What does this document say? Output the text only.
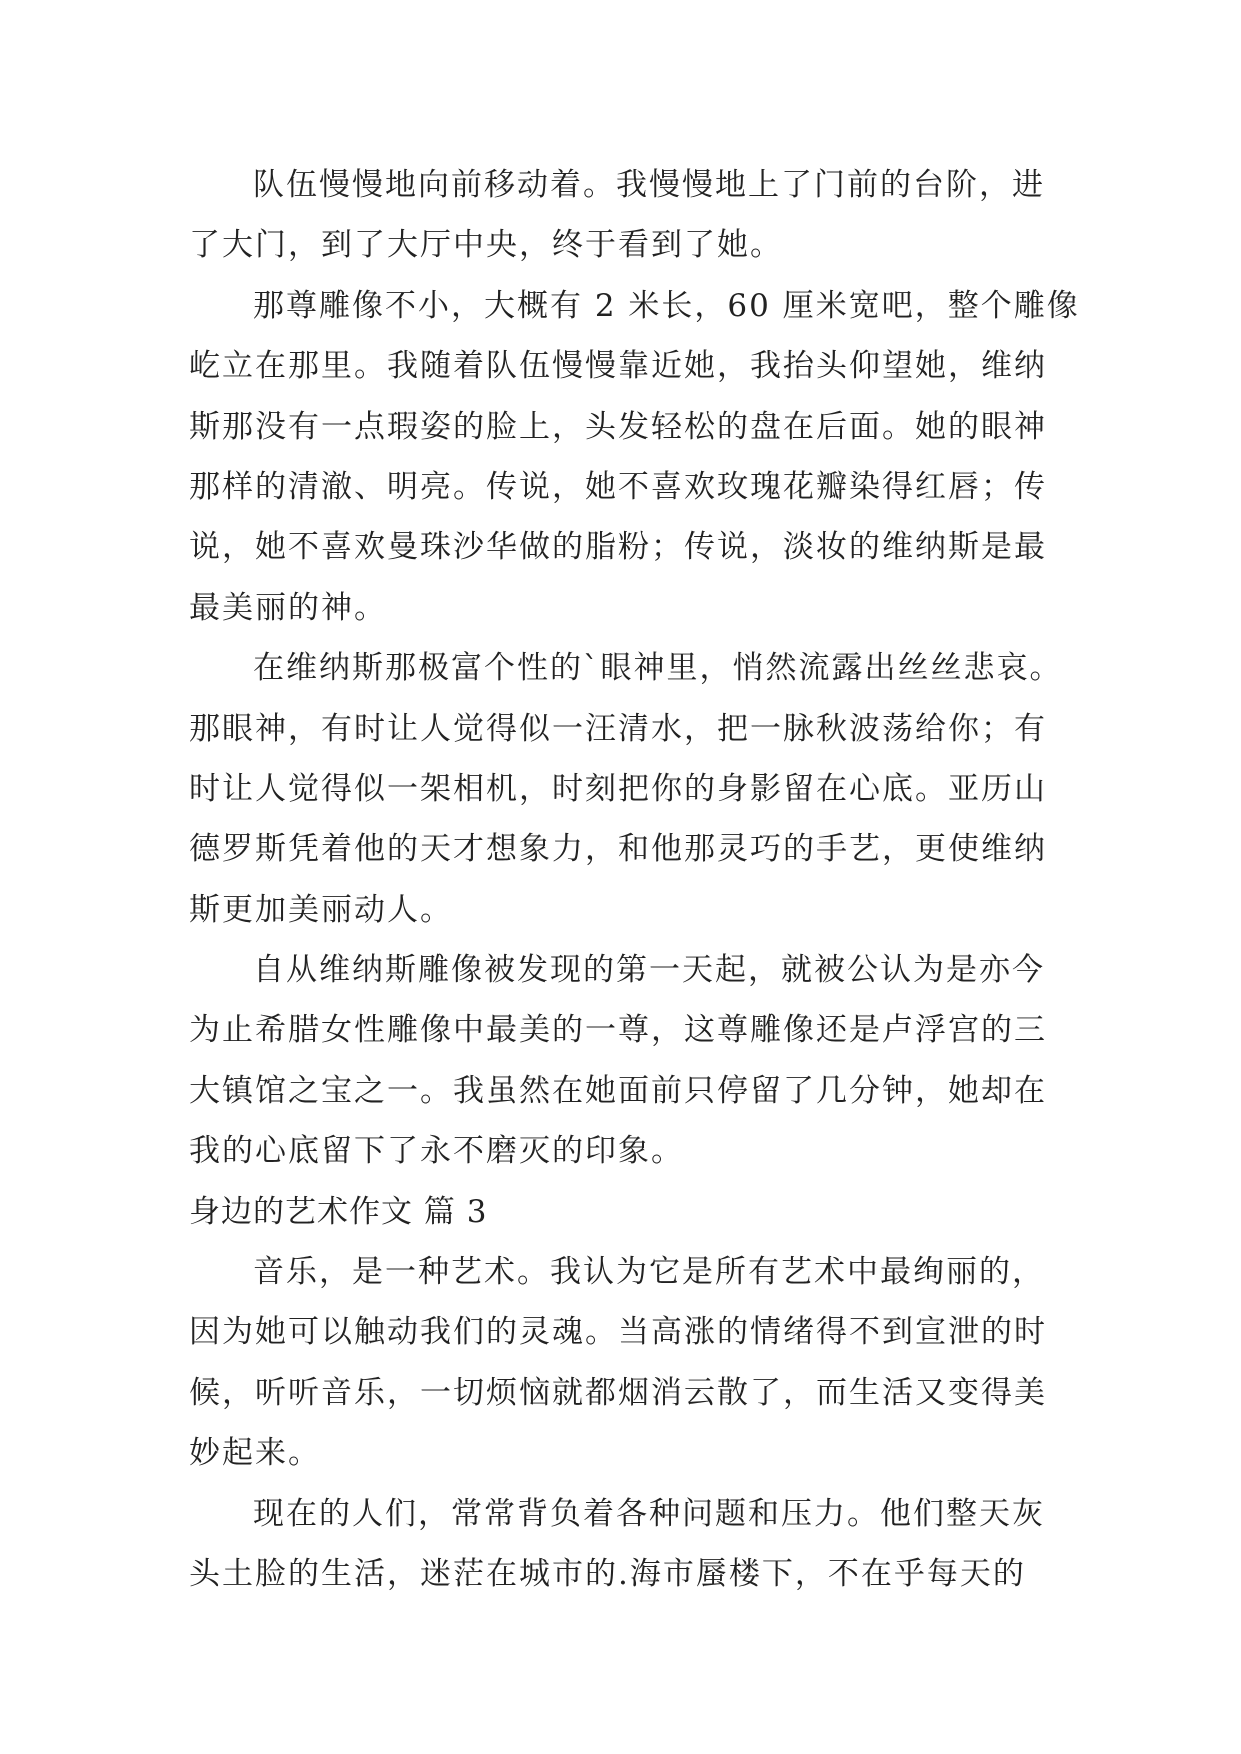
队伍慢慢地向前移动着。我慢慢地上了门前的台阶，进
了大门，到了大厅中央，终于看到了她。
那尊雕像不小，大概有 2 米长，60 厘米宽吧，整个雕像
屹立在那里。我随着队伍慢慢靠近她，我抬头仰望她，维纳
斯那没有一点瑕姿的脸上，头发轻松的盘在后面。她的眼神
那样的清澈、明亮。传说，她不喜欢玫瑰花瓣染得红唇；传
说，她不喜欢曼珠沙华做的脂粉；传说，淡妆的维纳斯是最
最美丽的神。
在维纳斯那极富个性的`眼神里，悄然流露出丝丝悲哀。
那眼神，有时让人觉得似一汪清水，把一脉秋波荡给你；有
时让人觉得似一架相机，时刻把你的身影留在心底。亚历山
德罗斯凭着他的天才想象力，和他那灵巧的手艺，更使维纳
斯更加美丽动人。
自从维纳斯雕像被发现的第一天起，就被公认为是亦今
为止希腊女性雕像中最美的一尊，这尊雕像还是卢浮宫的三
大镇馆之宝之一。我虽然在她面前只停留了几分钟，她却在
我的心底留下了永不磨灭的印象。
身边的艺术作文 篇 3
音乐，是一种艺术。我认为它是所有艺术中最绚丽的，
因为她可以触动我们的灵魂。当高涨的情绪得不到宣泄的时
候，听听音乐，一切烦恼就都烟消云散了，而生活又变得美
妙起来。
现在的人们，常常背负着各种问题和压力。他们整天灰
头土脸的生活，迷茫在城市的.海市蜃楼下，不在乎每天的
